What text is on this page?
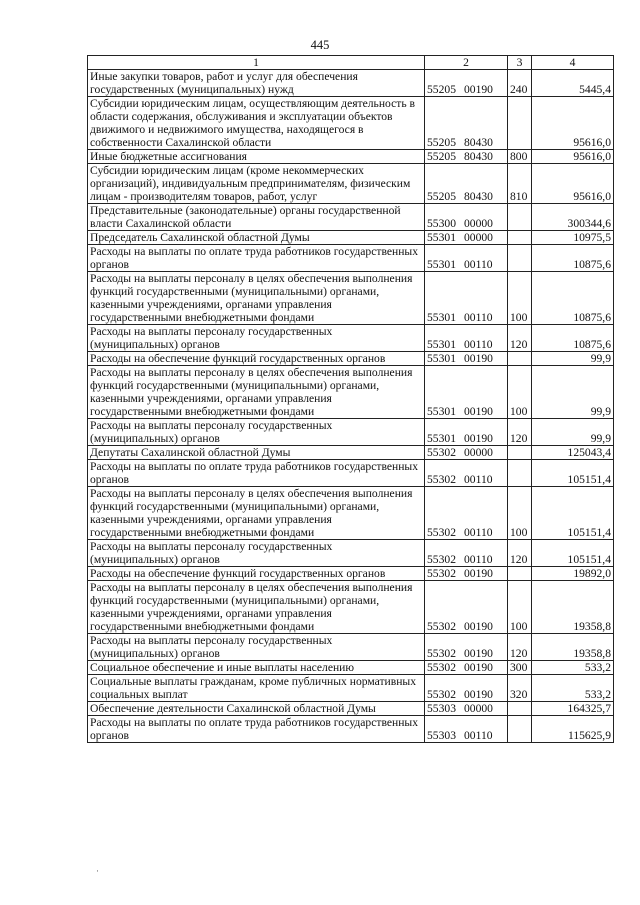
445
1	2	3	4
Иные закупки товаров, работ и услуг для обеспечения государственных (муниципальных) нужд	55205 00190	240	5445,4
Субсидии юридическим лицам, осуществляющим деятельность в области содержания, обслуживания и эксплуатации объектов движимого и недвижимого имущества, находящегося в собственности Сахалинской области	55205 80430		95616,0
Иные бюджетные ассигнования	55205 80430	800	95616,0
Субсидии юридическим лицам (кроме некоммерческих организаций), индивидуальным предпринимателям, физическим лицам - производителям товаров, работ, услуг	55205 80430	810	95616,0
Представительные (законодательные) органы государственной власти Сахалинской области	55300 00000		300344,6
Председатель Сахалинской областной Думы	55301 00000		10975,5
Расходы на выплаты по оплате труда работников государственных органов	55301 00110		10875,6
Расходы на выплаты персоналу в целях обеспечения выполнения функций государственными (муниципальными) органами, казенными учреждениями, органами управления государственными внебюджетными фондами	55301 00110	100	10875,6
Расходы на выплаты персоналу государственных (муниципальных) органов	55301 00110	120	10875,6
Расходы на обеспечение функций государственных органов	55301 00190		99,9
Расходы на выплаты персоналу в целях обеспечения выполнения функций государственными (муниципальными) органами, казенными учреждениями, органами управления государственными внебюджетными фондами	55301 00190	100	99,9
Расходы на выплаты персоналу государственных (муниципальных) органов	55301 00190	120	99,9
Депутаты Сахалинской областной Думы	55302 00000		125043,4
Расходы на выплаты по оплате труда работников государственных органов	55302 00110		105151,4
Расходы на выплаты персоналу в целях обеспечения выполнения функций государственными (муниципальными) органами, казенными учреждениями, органами управления государственными внебюджетными фондами	55302 00110	100	105151,4
Расходы на выплаты персоналу государственных (муниципальных) органов	55302 00110	120	105151,4
Расходы на обеспечение функций государственных органов	55302 00190		19892,0
Расходы на выплаты персоналу в целях обеспечения выполнения функций государственными (муниципальными) органами, казенными учреждениями, органами управления государственными внебюджетными фондами	55302 00190	100	19358,8
Расходы на выплаты персоналу государственных (муниципальных) органов	55302 00190	120	19358,8
Социальное обеспечение и иные выплаты населению	55302 00190	300	533,2
Социальные выплаты гражданам, кроме публичных нормативных социальных выплат	55302 00190	320	533,2
Обеспечение деятельности Сахалинской областной Думы	55303 00000		164325,7
Расходы на выплаты по оплате труда работников государственных органов	55303 00110		115625,9
·
